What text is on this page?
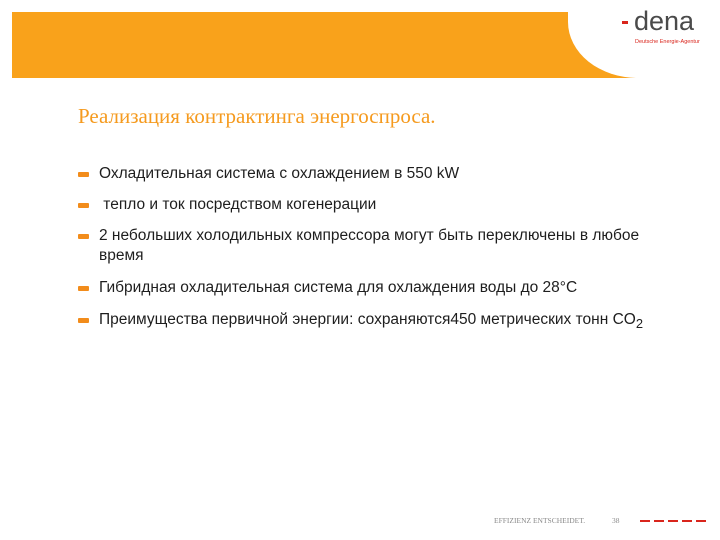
dena
Deutsche Energie-Agentur
Реализация контрактинга энергоспроса.
Охладительная система с охлаждением в 550 kW
тепло и ток посредством когенерации
2 небольших холодильных компрессора могут быть переключены в любое время
Гибридная охладительная система для охлаждения воды до 28°C
Преимущества первичной энергии: сохраняются450 метрических тонн $CO_2$
EFFIZIENZ ENTSCHEIDET.	38
